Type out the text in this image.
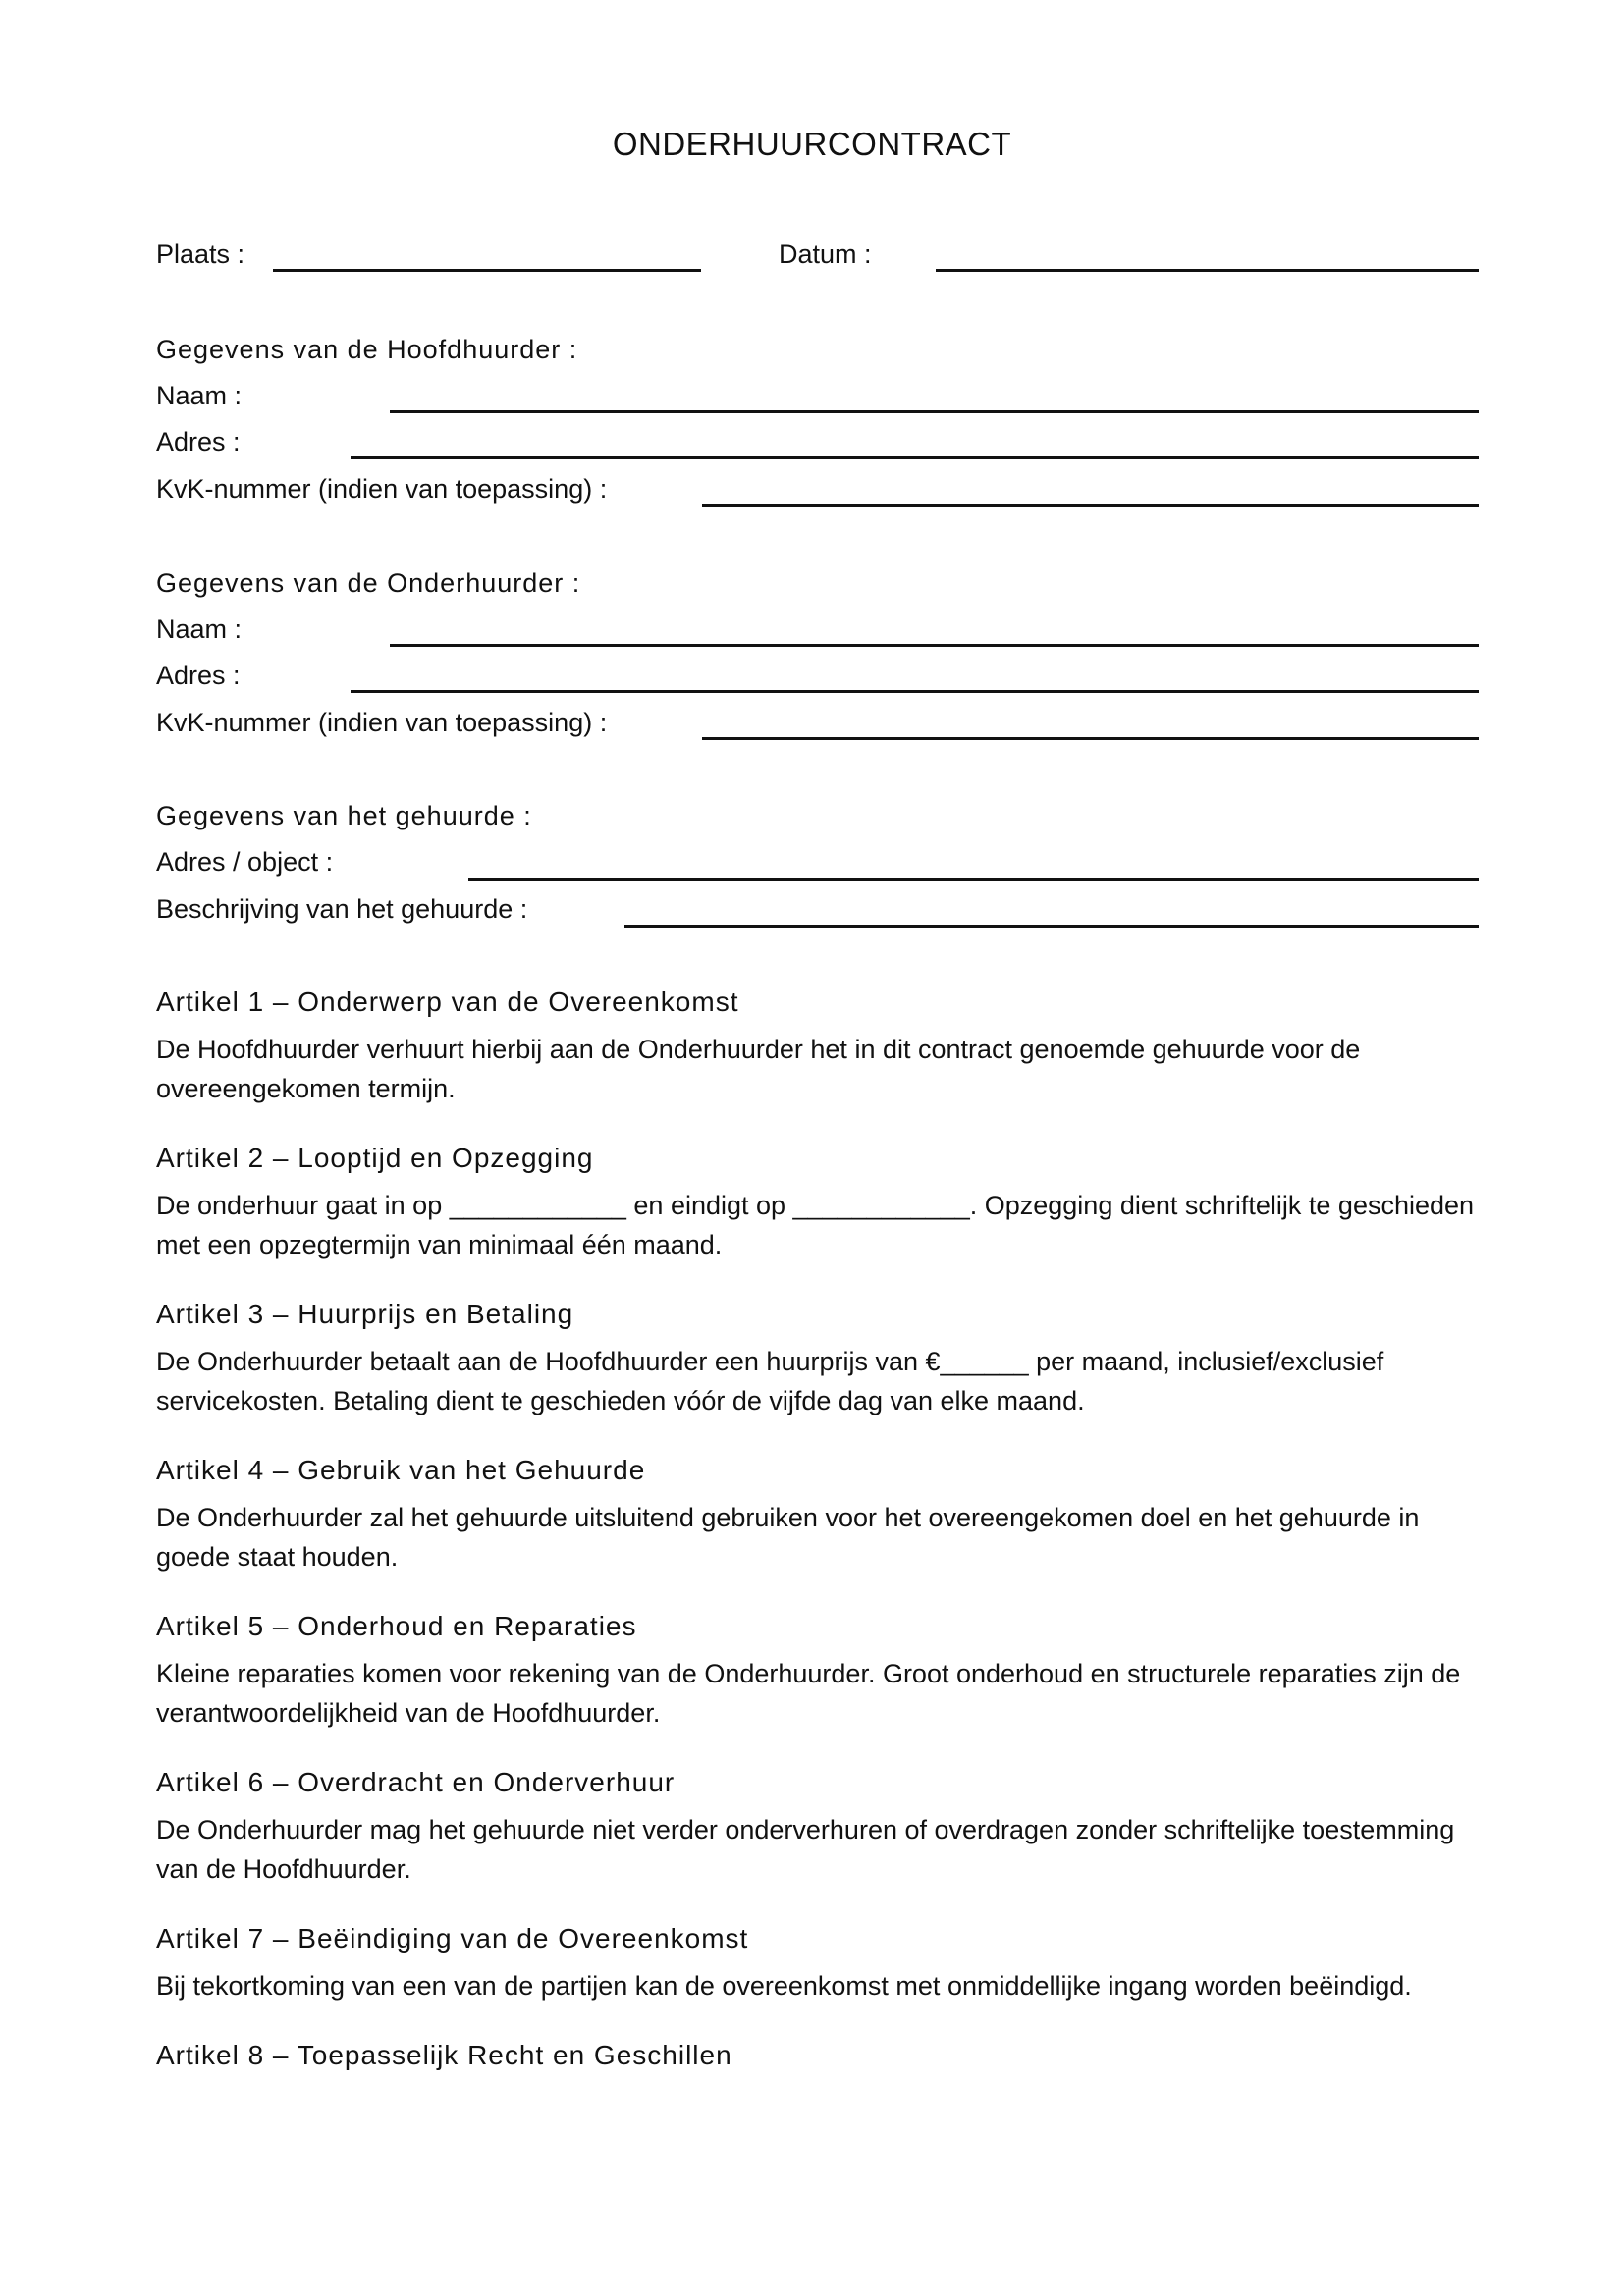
ONDERHUURCONTRACT
Plaats :	Datum :
Gegevens van de Hoofdhuurder :
Naam :
Adres :
KvK-nummer (indien van toepassing) :
Gegevens van de Onderhuurder :
Naam :
Adres :
KvK-nummer (indien van toepassing) :
Gegevens van het gehuurde :
Adres / object :
Beschrijving van het gehuurde :
Artikel 1 – Onderwerp van de Overeenkomst
De Hoofdhuurder verhuurt hierbij aan de Onderhuurder het in dit contract genoemde gehuurde voor de overeengekomen termijn.
Artikel 2 – Looptijd en Opzegging
De onderhuur gaat in op ____________ en eindigt op ____________. Opzegging dient schriftelijk te geschieden met een opzegtermijn van minimaal één maand.
Artikel 3 – Huurprijs en Betaling
De Onderhuurder betaalt aan de Hoofdhuurder een huurprijs van €______ per maand, inclusief/exclusief servicekosten. Betaling dient te geschieden vóór de vijfde dag van elke maand.
Artikel 4 – Gebruik van het Gehuurde
De Onderhuurder zal het gehuurde uitsluitend gebruiken voor het overeengekomen doel en het gehuurde in goede staat houden.
Artikel 5 – Onderhoud en Reparaties
Kleine reparaties komen voor rekening van de Onderhuurder. Groot onderhoud en structurele reparaties zijn de verantwoordelijkheid van de Hoofdhuurder.
Artikel 6 – Overdracht en Onderverhuur
De Onderhuurder mag het gehuurde niet verder onderverhuren of overdragen zonder schriftelijke toestemming van de Hoofdhuurder.
Artikel 7 – Beëindiging van de Overeenkomst
Bij tekortkoming van een van de partijen kan de overeenkomst met onmiddellijke ingang worden beëindigd.
Artikel 8 – Toepasselijk Recht en Geschillen
